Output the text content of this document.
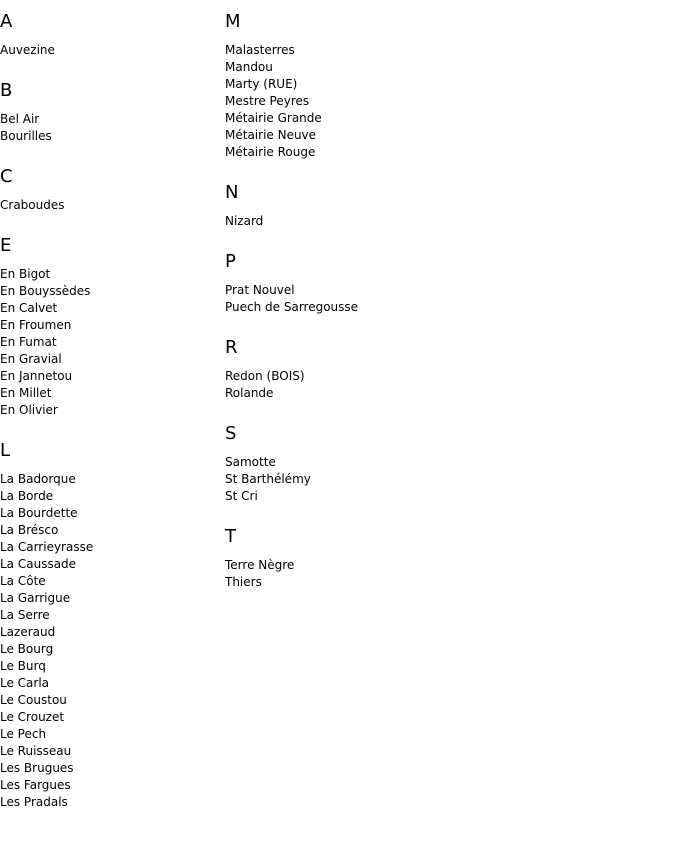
A
Auvezine
B
Bel Air
Bourilles
C
Craboudes
E
En Bigot
En Bouyssèdes
En Calvet
En Froumen
En Fumat
En Gravial
En Jannetou
En Millet
En Olivier
L
La Badorque
La Borde
La Bourdette
La Brésco
La Carrieyrasse
La Caussade
La Côte
La Garrigue
La Serre
Lazeraud
Le Bourg
Le Burq
Le Carla
Le Coustou
Le Crouzet
Le Pech
Le Ruisseau
Les Brugues
Les Fargues
Les Pradals
M
Malasterres
Mandou
Marty (RUE)
Mestre Peyres
Métairie Grande
Métairie Neuve
Métairie Rouge
N
Nizard
P
Prat Nouvel
Puech de Sarregousse
R
Redon (BOIS)
Rolande
S
Samotte
St Barthélémy
St Cri
T
Terre Nègre
Thiers
